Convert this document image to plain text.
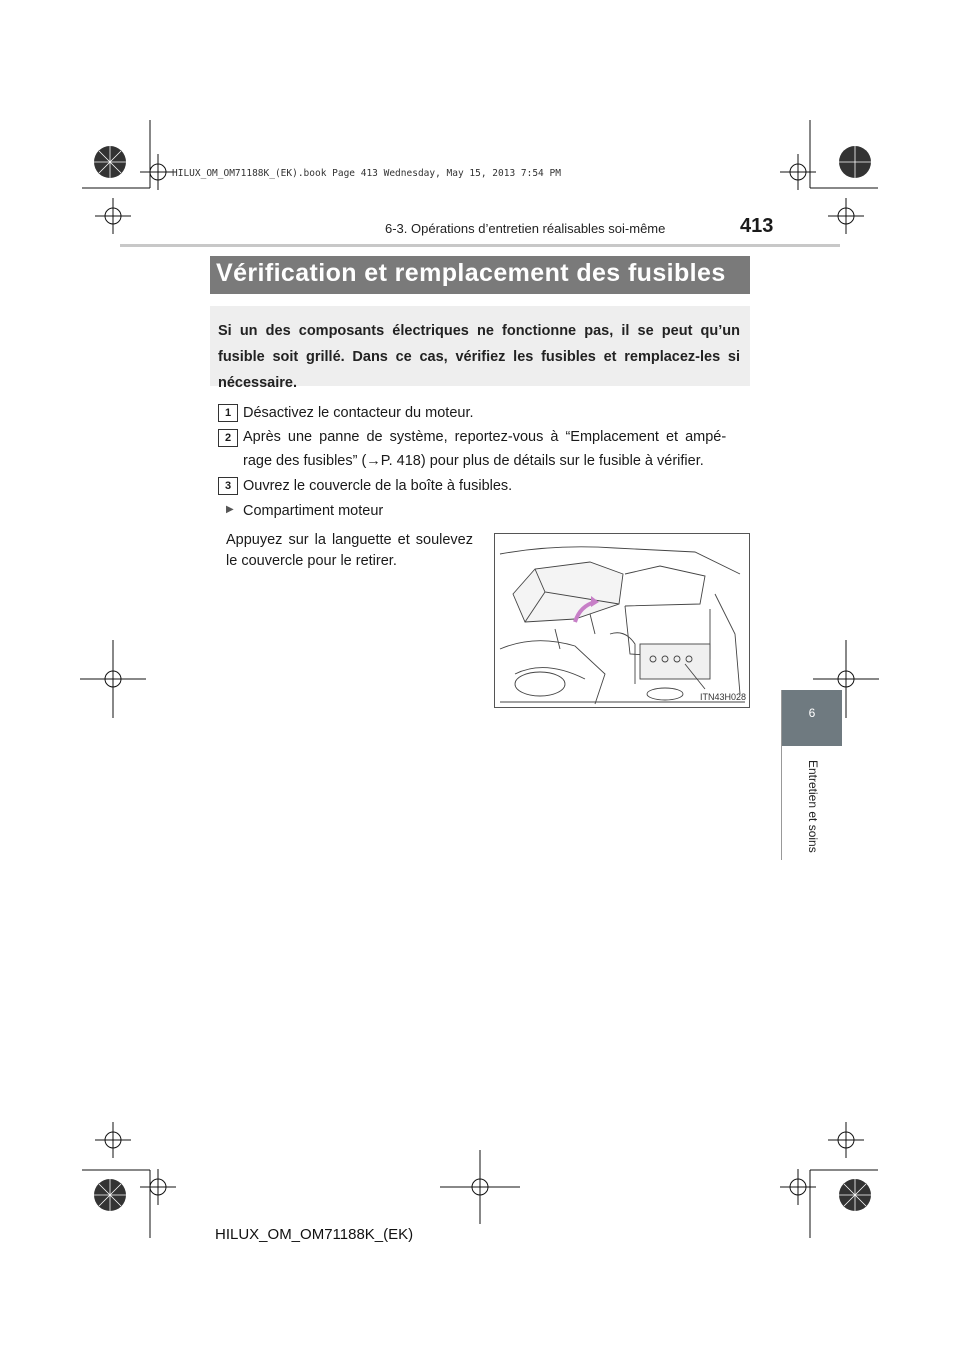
HILUX_OM_OM71188K_(EK).book Page 413 Wednesday, May 15, 2013 7:54 PM
6-3. Opérations d’entretien réalisables soi-même	413
Vérification et remplacement des fusibles
Si un des composants électriques ne fonctionne pas, il se peut qu’un fusible soit grillé. Dans ce cas, vérifiez les fusibles et remplacez-les si nécessaire.
1 Désactivez le contacteur du moteur.
2 Après une panne de système, reportez-vous à “Emplacement et ampé-
rage des fusibles” (→P. 418) pour plus de détails sur le fusible à vérifier.
3 Ouvrez le couvercle de la boîte à fusibles.
▶ Compartiment moteur
Appuyez sur la languette et soulevez
le couvercle pour le retirer.
ITN43H028
6
Entretien et soins
HILUX_OM_OM71188K_(EK)
